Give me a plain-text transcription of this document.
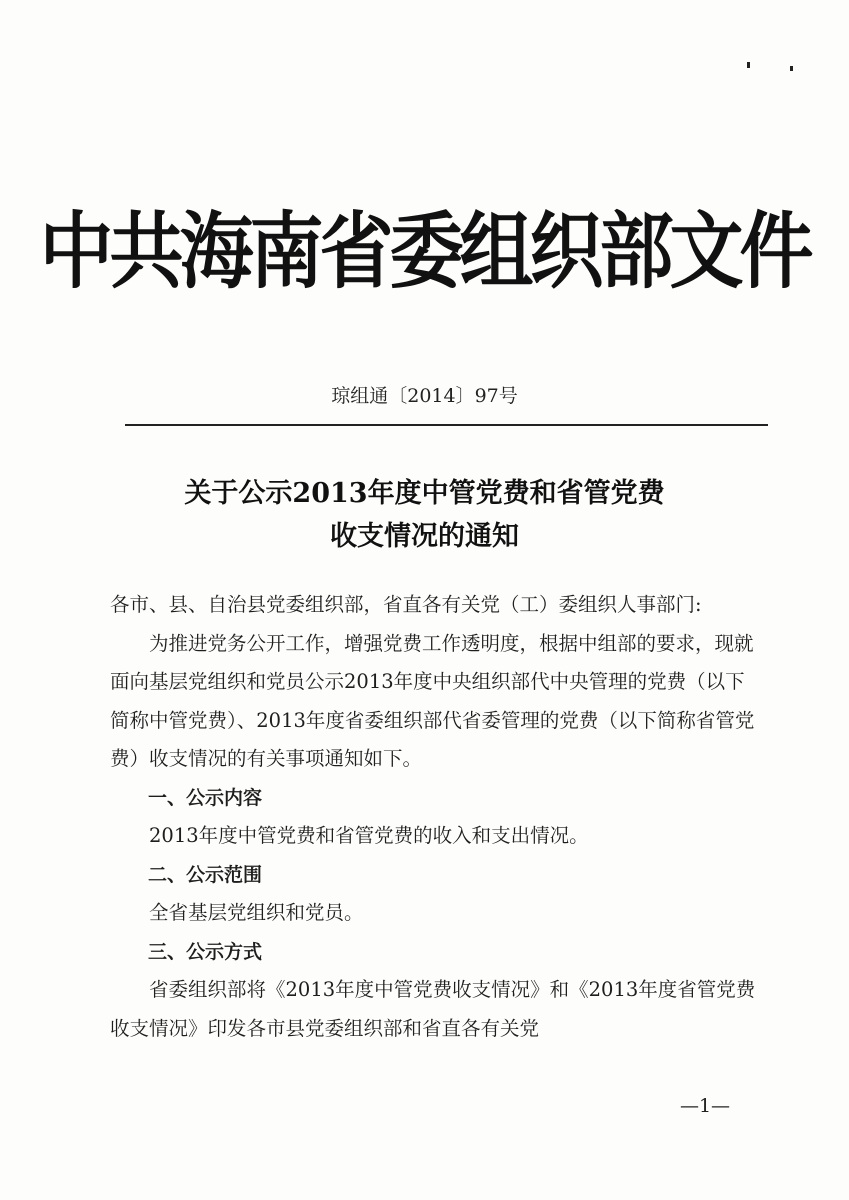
中共海南省委组织部文件
琼组通〔2014〕97号
关于公示2013年度中管党费和省管党费
收支情况的通知

各市、县、自治县党委组织部，省直各有关党（工）委组织人事部门:

为推进党务公开工作，增强党费工作透明度，根据中组部的要求，现就面向基层党组织和党员公示2013年度中央组织部代中央管理的党费（以下简称中管党费）、2013年度省委组织部代省委管理的党费（以下简称省管党费）收支情况的有关事项通知如下。

一、公示内容

2013年度中管党费和省管党费的收入和支出情况。

二、公示范围

全省基层党组织和党员。

三、公示方式

省委组织部将《2013年度中管党费收支情况》和《2013年度省管党费收支情况》印发各市县党委组织部和省直各有关党

—1—
